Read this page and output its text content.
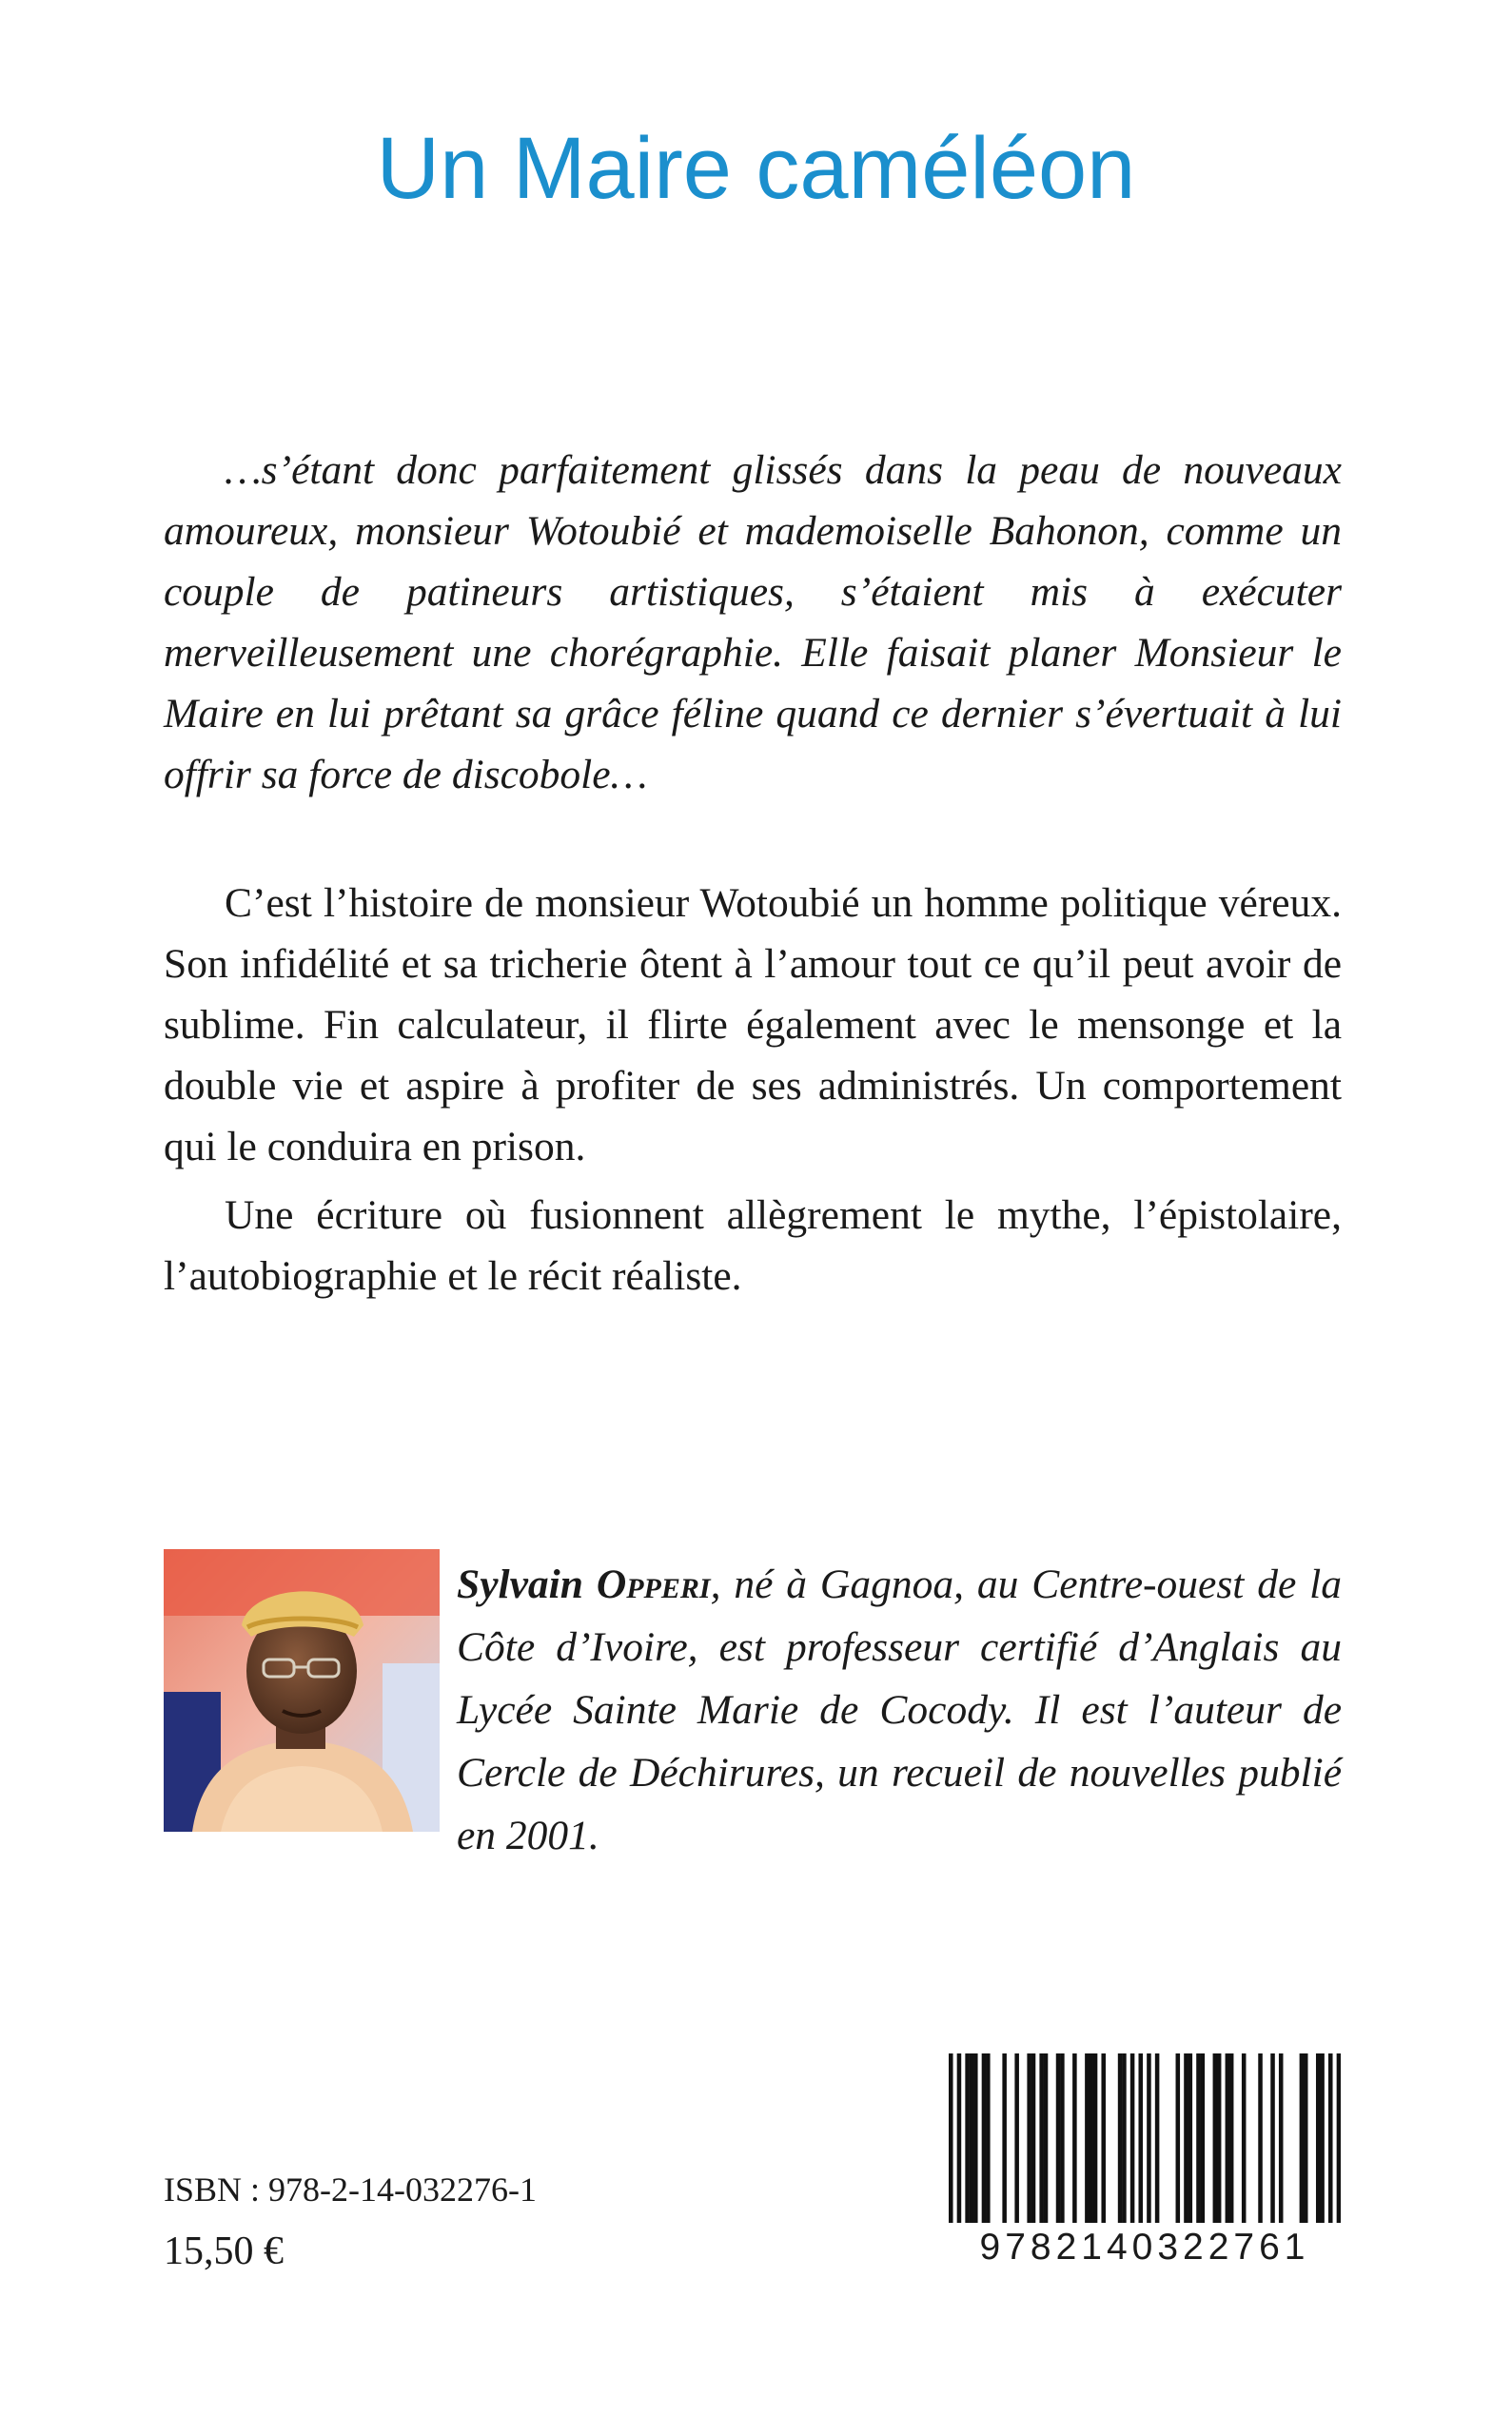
Un Maire caméléon
…s’étant donc parfaitement glissés dans la peau de nouveaux amoureux, monsieur Wotoubié et mademoiselle Bahonon, comme un couple de patineurs artistiques, s’étaient mis à exécuter merveilleusement une chorégraphie. Elle faisait planer Monsieur le Maire en lui prêtant sa grâce féline quand ce dernier s’évertuait à lui offrir sa force de discobole…

C’est l’histoire de monsieur Wotoubié un homme politique véreux. Son infidélité et sa tricherie ôtent à l’amour tout ce qu’il peut avoir de sublime. Fin calculateur, il flirte également avec le mensonge et la double vie et aspire à profiter de ses administrés. Un comportement qui le conduira en prison.

Une écriture où fusionnent allègrement le mythe, l’épistolaire, l’autobiographie et le récit réaliste.

Sylvain Opperi, né à Gagnoa, au Centre-ouest de la Côte d’Ivoire, est professeur certifié d’Anglais au Lycée Sainte Marie de Cocody. Il est l’auteur de Cercle de Déchirures, un recueil de nouvelles publié en 2001.
ISBN : 978-2-14-032276-1
15,50 €	9782140322761
